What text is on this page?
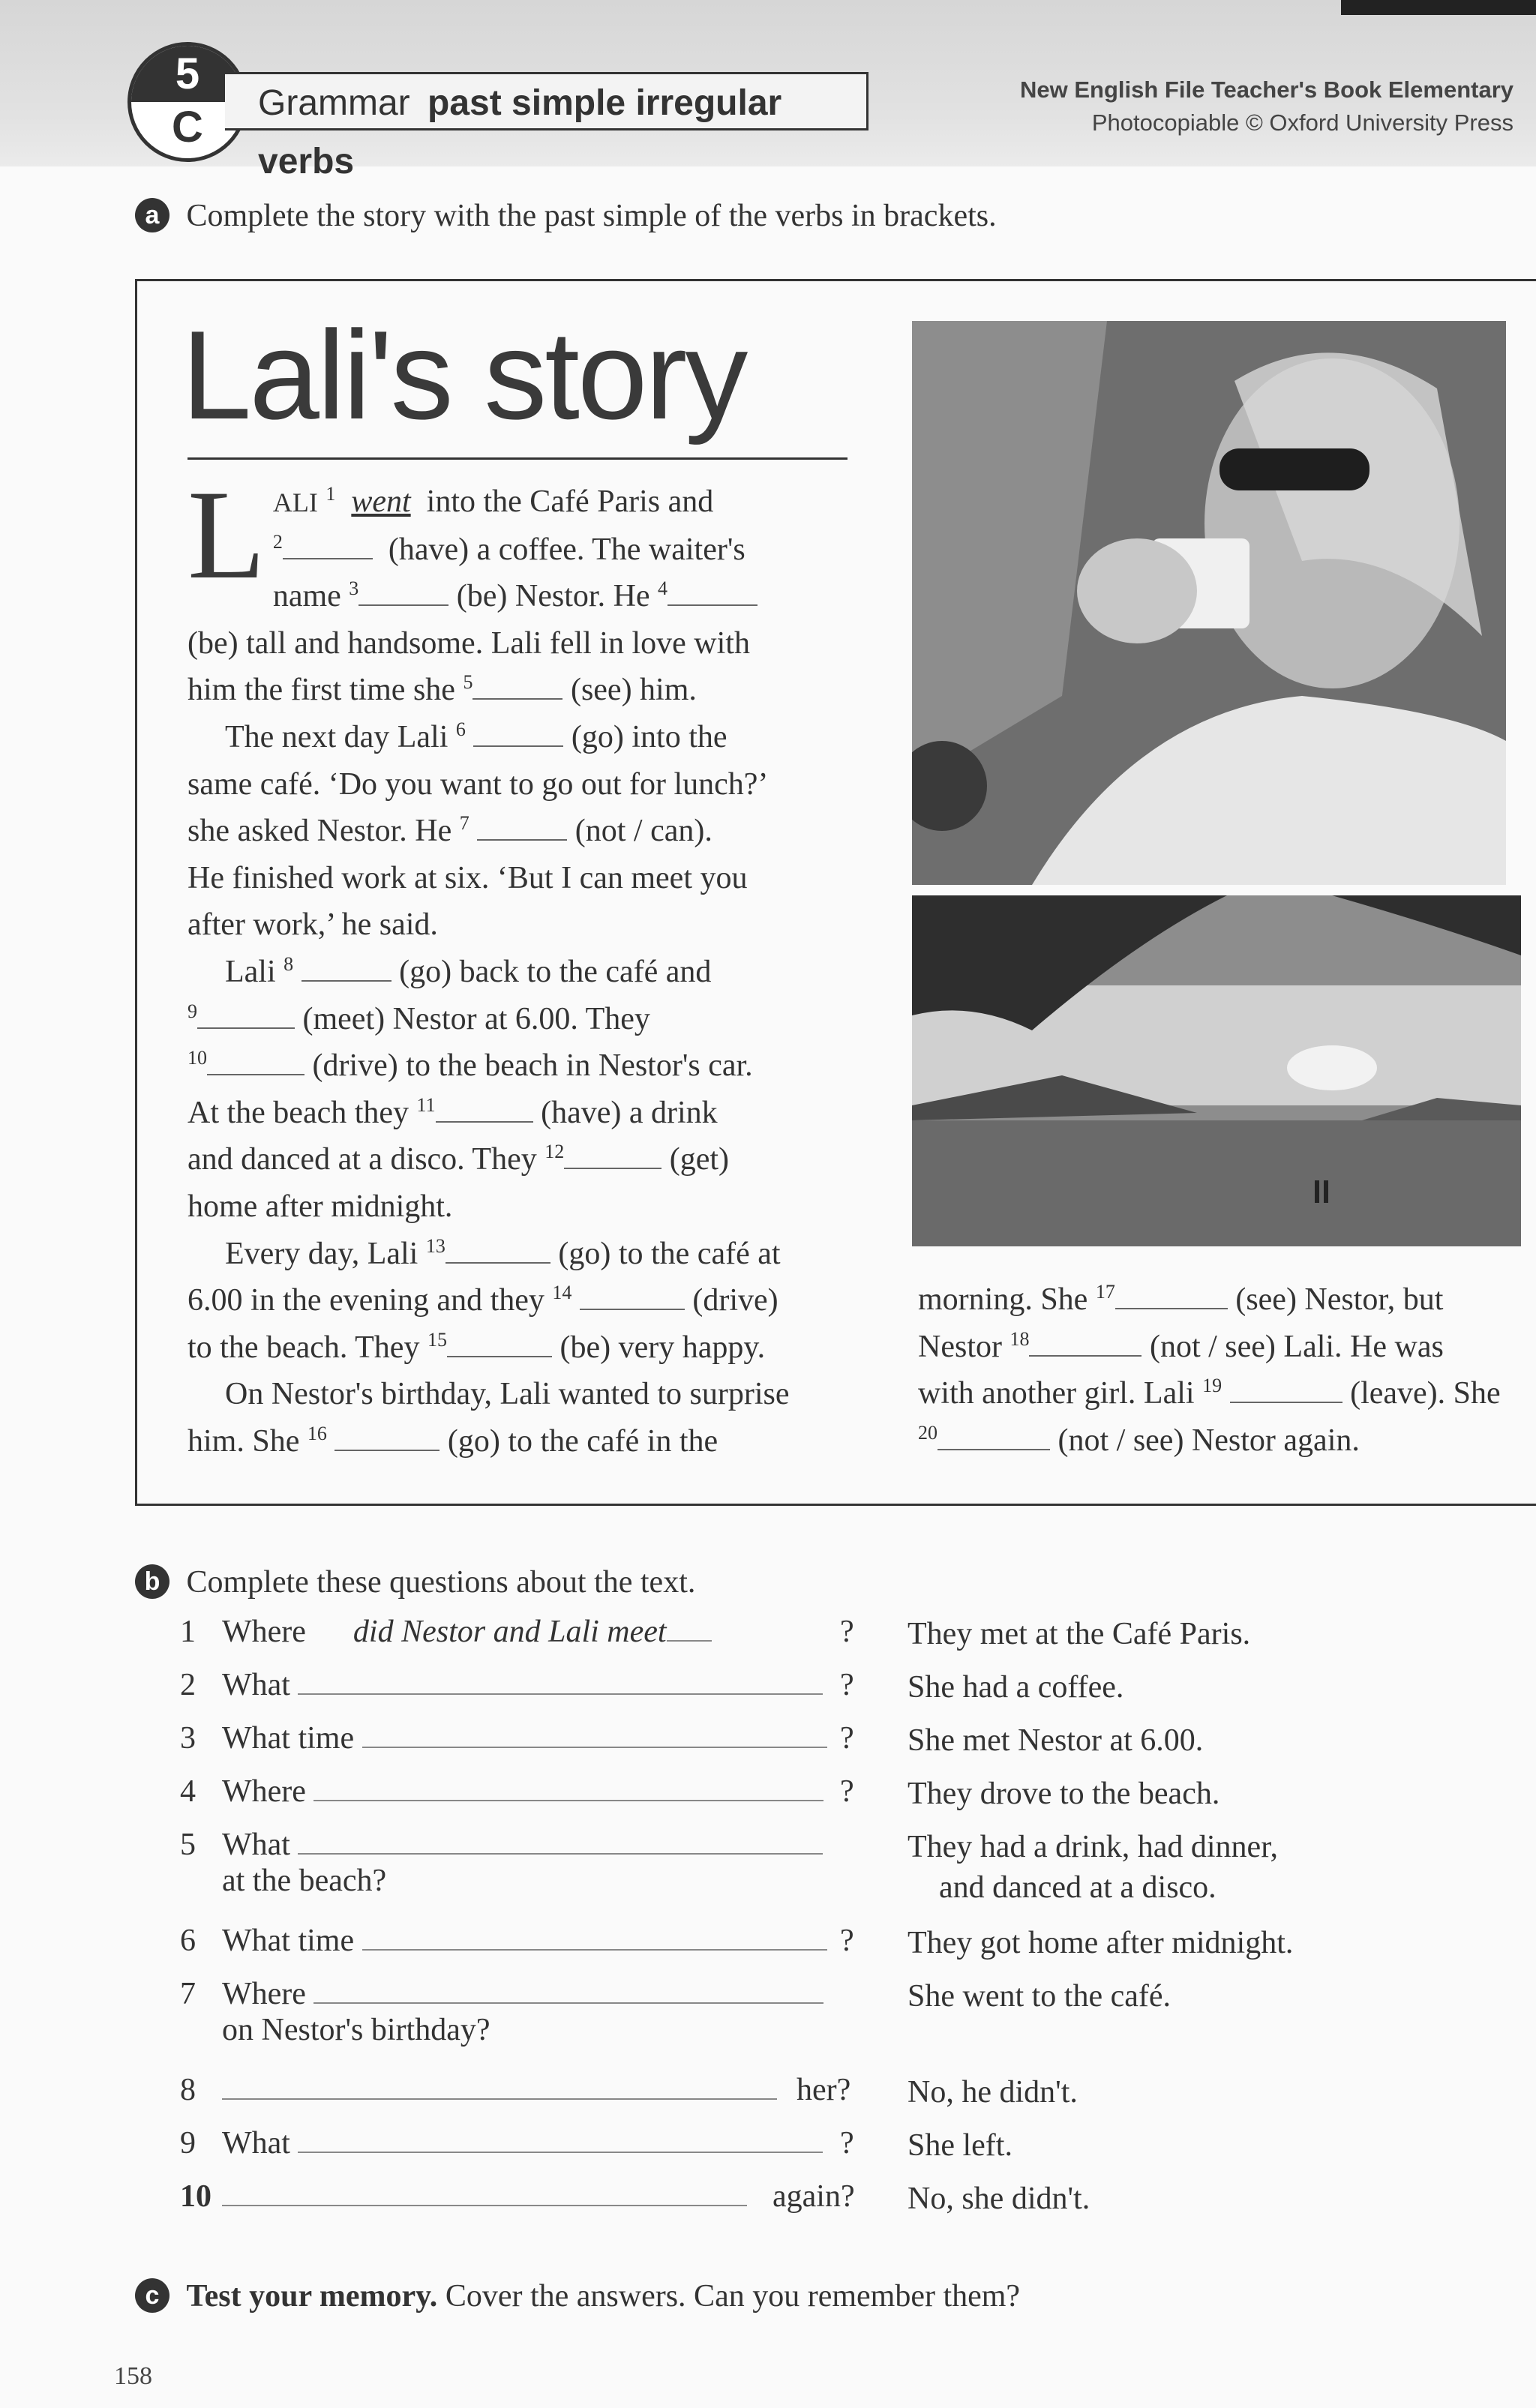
5
C	Grammar past simple irregular verbs
New English File Teacher's Book Elementary
Photocopiable © Oxford University Press
a Complete the story with the past simple of the verbs in brackets.
Lali's story

LALI $^1$ went  into the Café Paris and
$^2$	(have) a coffee. The waiter's

name $^3$	(be) Nestor. He $^4$

(be) tall and handsome. Lali fell in love with

him the first time she $^5$	(see) him.

The next day Lali $^6$	(go) into the

same café. ‘Do you want to go out for lunch?’

she asked Nestor. He $^7$	(not / can).

He finished work at six. ‘But I can meet you

after work,’ he said.

Lali $^8$	(go) back to the café and

$^9$	(meet) Nestor at 6.00. They

$^{10}$	(drive) to the beach in Nestor's car.

At the beach they $^{11}$	(have) a drink

and danced at a disco. They $^{12}$	(get)

home after midnight.

Every day, Lali $^{13}$	(go) to the café at

6.00 in the evening and they $^{14}$	(drive)

to the beach. They $^{15}$	(be) very happy.

On Nestor's birthday, Lali wanted to surprise

him. She $^{16}$	(go) to the café in the

morning. She $^{17}$	(see) Nestor, but

Nestor $^{18}$	(not / see) Lali. He was

with another girl. Lali $^{19}$	(leave). She

$^{20}$	(not / see) Nestor again.

b Complete these questions about the text.
1 Where did Nestor and Lali meet	? They met at the Café Paris.
2 What	? She had a coffee.
3 What time	? She met Nestor at 6.00.
4 Where	? They drove to the beach.
5 What
at the beach?
They had a drink, had dinner,
and danced at a disco.
6 What time	? They got home after midnight.
7 Where
on Nestor's birthday?
She went to the café.
8	her? No, he didn't.
9 What	? She left.
10	again? No, she didn't.
c Test your memory. Cover the answers. Can you remember them?
158
